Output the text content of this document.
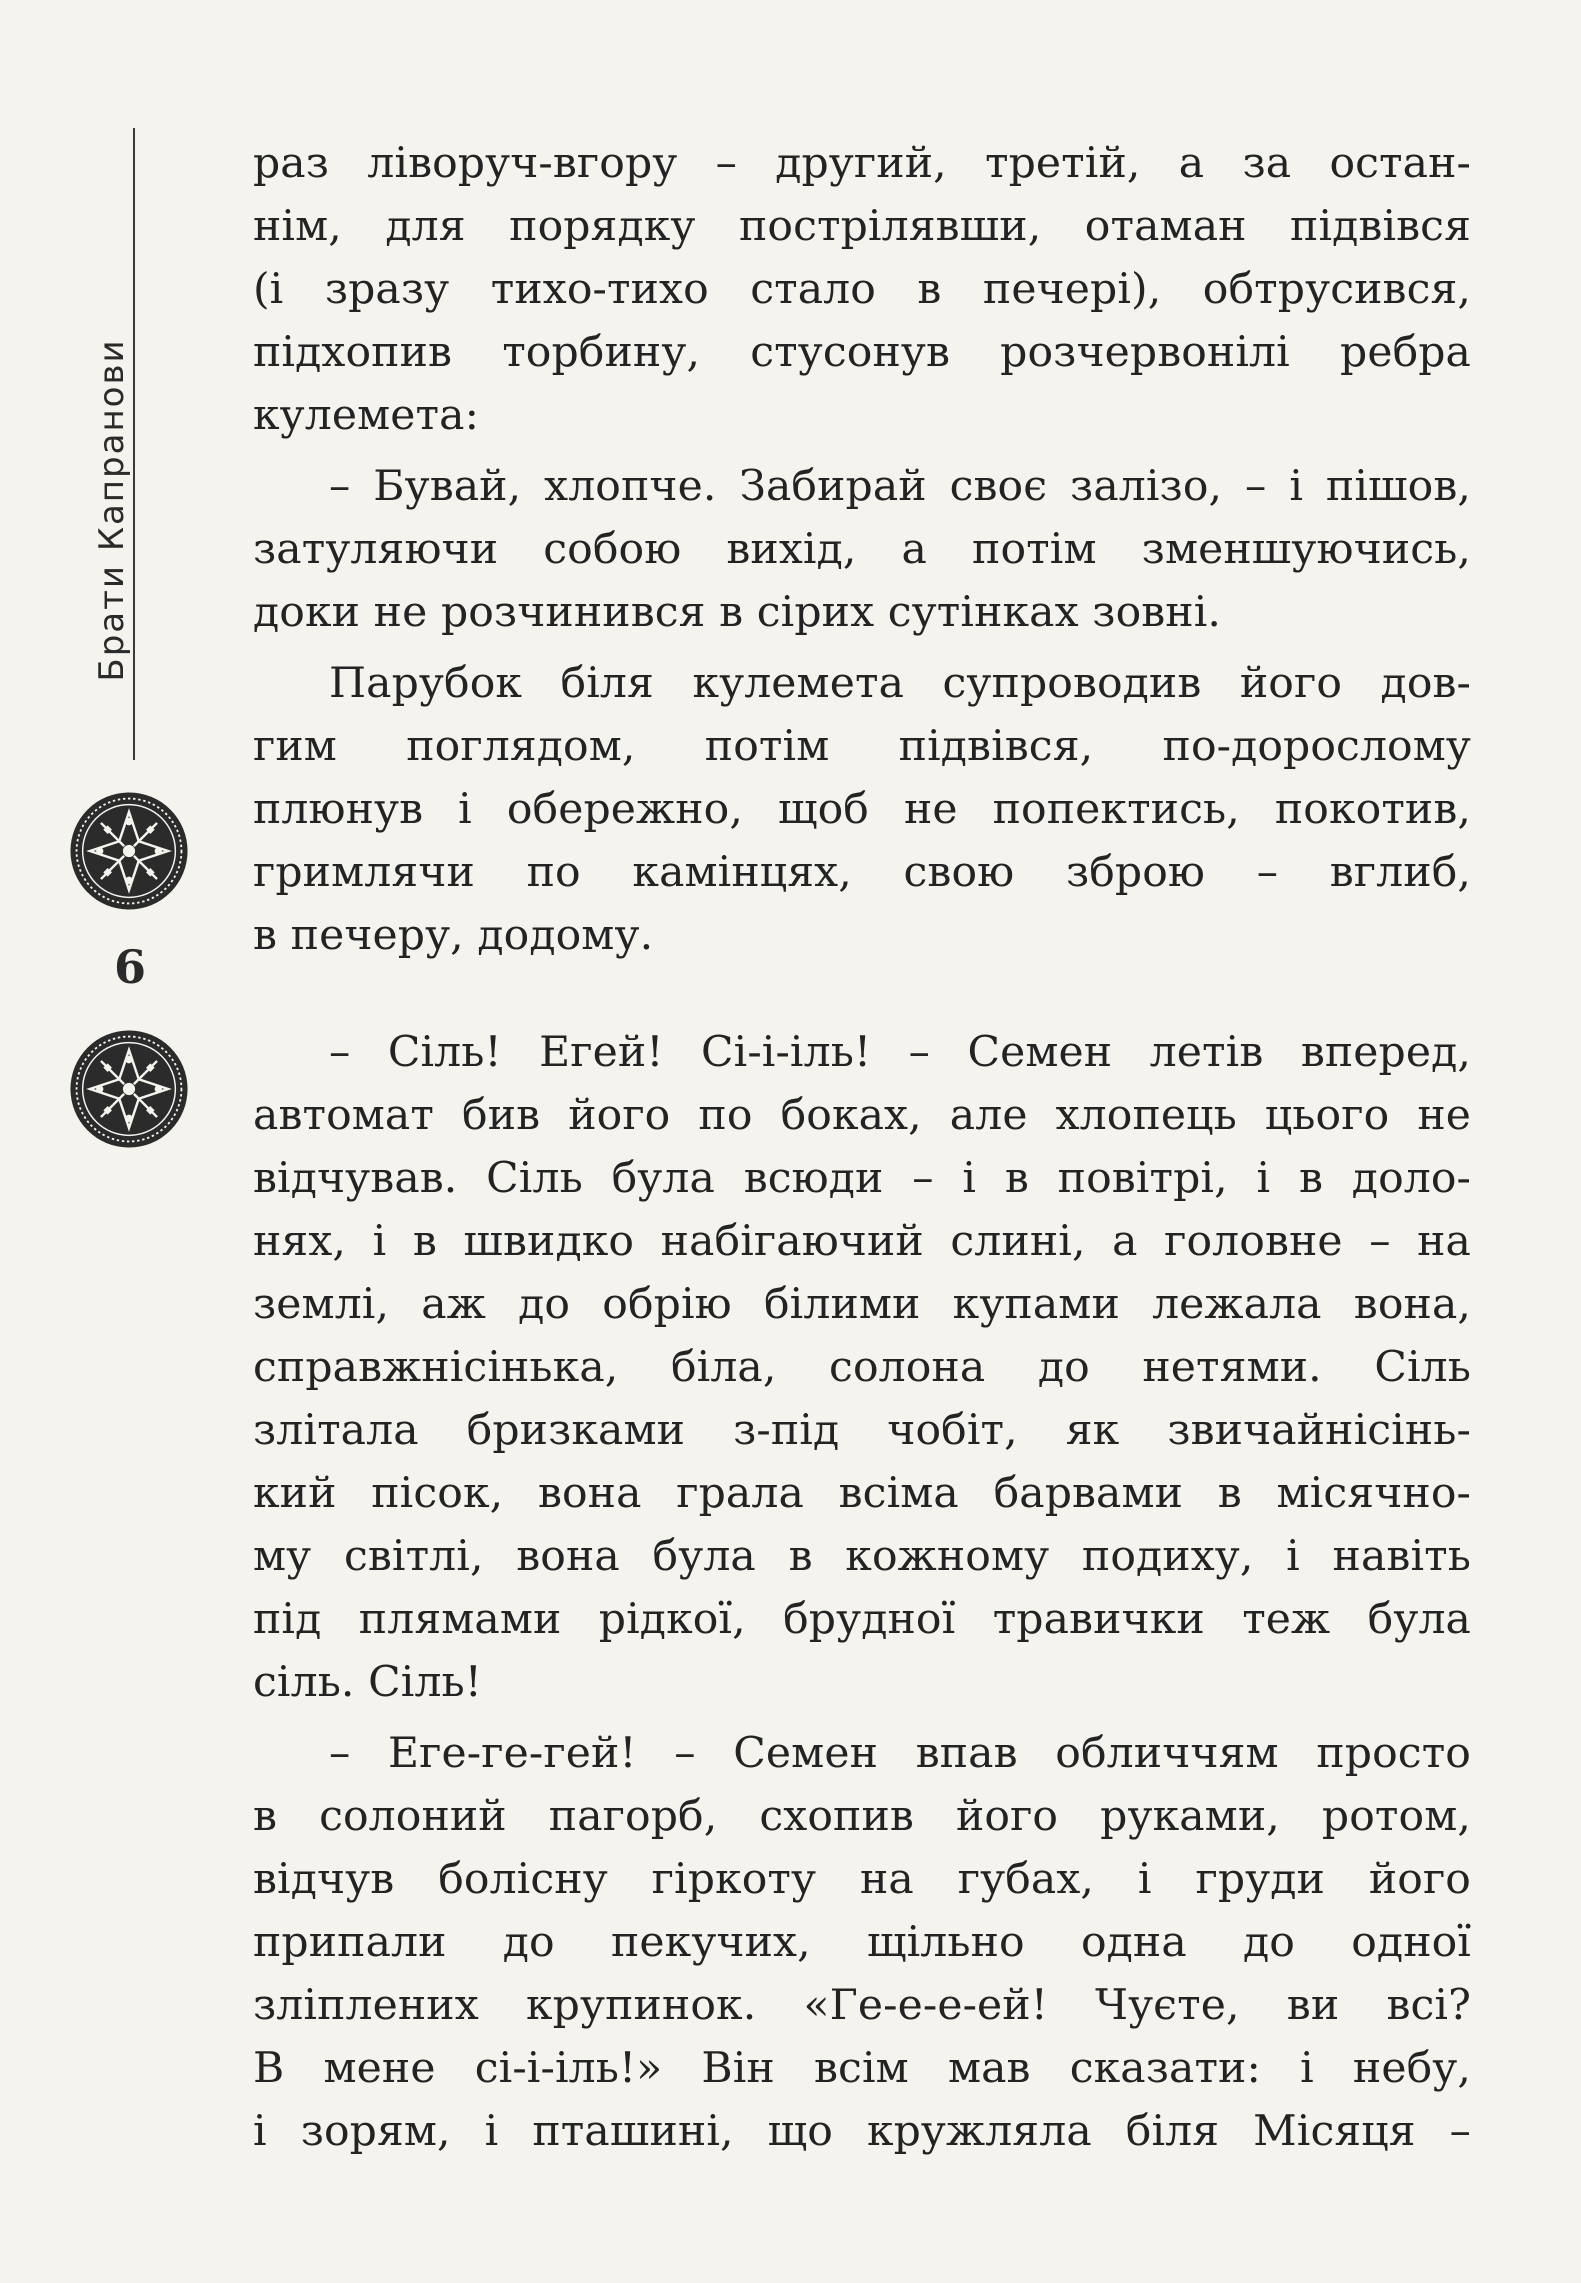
Брати Капранови
6
раз ліворуч-вгору – другий, третій, а за остан-
нім, для порядку пострілявши, отаман підвівся
(і зразу тихо-тихо стало в печері), обтрусився,
підхопив торбину, стусонув розчервонілі ребра
кулемета:
– Бувай, хлопче. Забирай своє залізо, – і пішов,
затуляючи собою вихід, а потім зменшуючись,
доки не розчинився в сірих сутінках зовні.
Парубок біля кулемета супроводив його дов-
гим поглядом, потім підвівся, по-дорослому
плюнув і обережно, щоб не попектись, покотив,
гримлячи по камінцях, свою зброю – вглиб,
в печеру, додому.
– Сіль! Егей! Сі-і-іль! – Семен летів вперед,
автомат бив його по боках, але хлопець цього не
відчував. Сіль була всюди – і в повітрі, і в доло-
нях, і в швидко набігаючий слині, а головне – на
землі, аж до обрію білими купами лежала вона,
справжнісінька, біла, солона до нетями. Сіль
злітала бризками з-під чобіт, як звичайнісінь-
кий пісок, вона грала всіма барвами в місячно-
му світлі, вона була в кожному подиху, і навіть
під плямами рідкої, брудної травички теж була
сіль. Сіль!
– Еге-ге-гей! – Семен впав обличчям просто
в солоний пагорб, схопив його руками, ротом,
відчув болісну гіркоту на губах, і груди його
припали до пекучих, щільно одна до одної
зліплених крупинок. «Ге-е-е-ей! Чуєте, ви всі?
В мене сі-і-іль!» Він всім мав сказати: і небу,
і зорям, і пташині, що кружляла біля Місяця –
